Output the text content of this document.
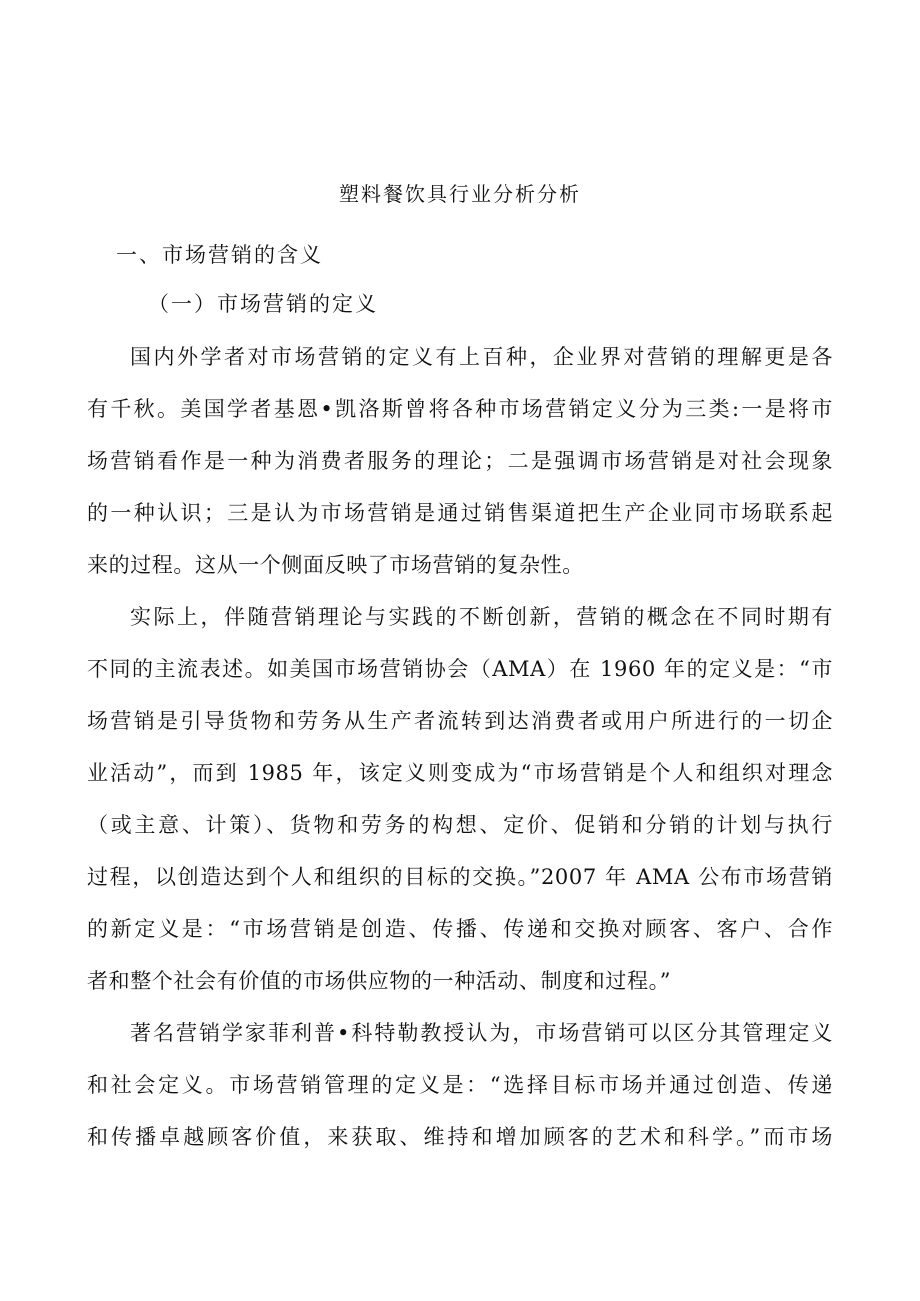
塑料餐饮具行业分析分析
一、市场营销的含义
（一）市场营销的定义
国内外学者对市场营销的定义有上百种，企业界对营销的理解更是各
有千秋。美国学者基恩•凯洛斯曾将各种市场营销定义分为三类:一是将市
场营销看作是一种为消费者服务的理论；二是强调市场营销是对社会现象
的一种认识；三是认为市场营销是通过销售渠道把生产企业同市场联系起
来的过程。这从一个侧面反映了市场营销的复杂性。
实际上，伴随营销理论与实践的不断创新，营销的概念在不同时期有
不同的主流表述。如美国市场营销协会（AMA）在 1960 年的定义是：“市
场营销是引导货物和劳务从生产者流转到达消费者或用户所进行的一切企
业活动”，而到 1985 年，该定义则变成为“市场营销是个人和组织对理念
（或主意、计策）、货物和劳务的构想、定价、促销和分销的计划与执行
过程，以创造达到个人和组织的目标的交换。”2007 年 AMA 公布市场营销
的新定义是：“市场营销是创造、传播、传递和交换对顾客、客户、合作
者和整个社会有价值的市场供应物的一种活动、制度和过程。”
著名营销学家菲利普•科特勒教授认为，市场营销可以区分其管理定义
和社会定义。市场营销管理的定义是：“选择目标市场并通过创造、传递
和传播卓越顾客价值，来获取、维持和增加顾客的艺术和科学。”而市场
